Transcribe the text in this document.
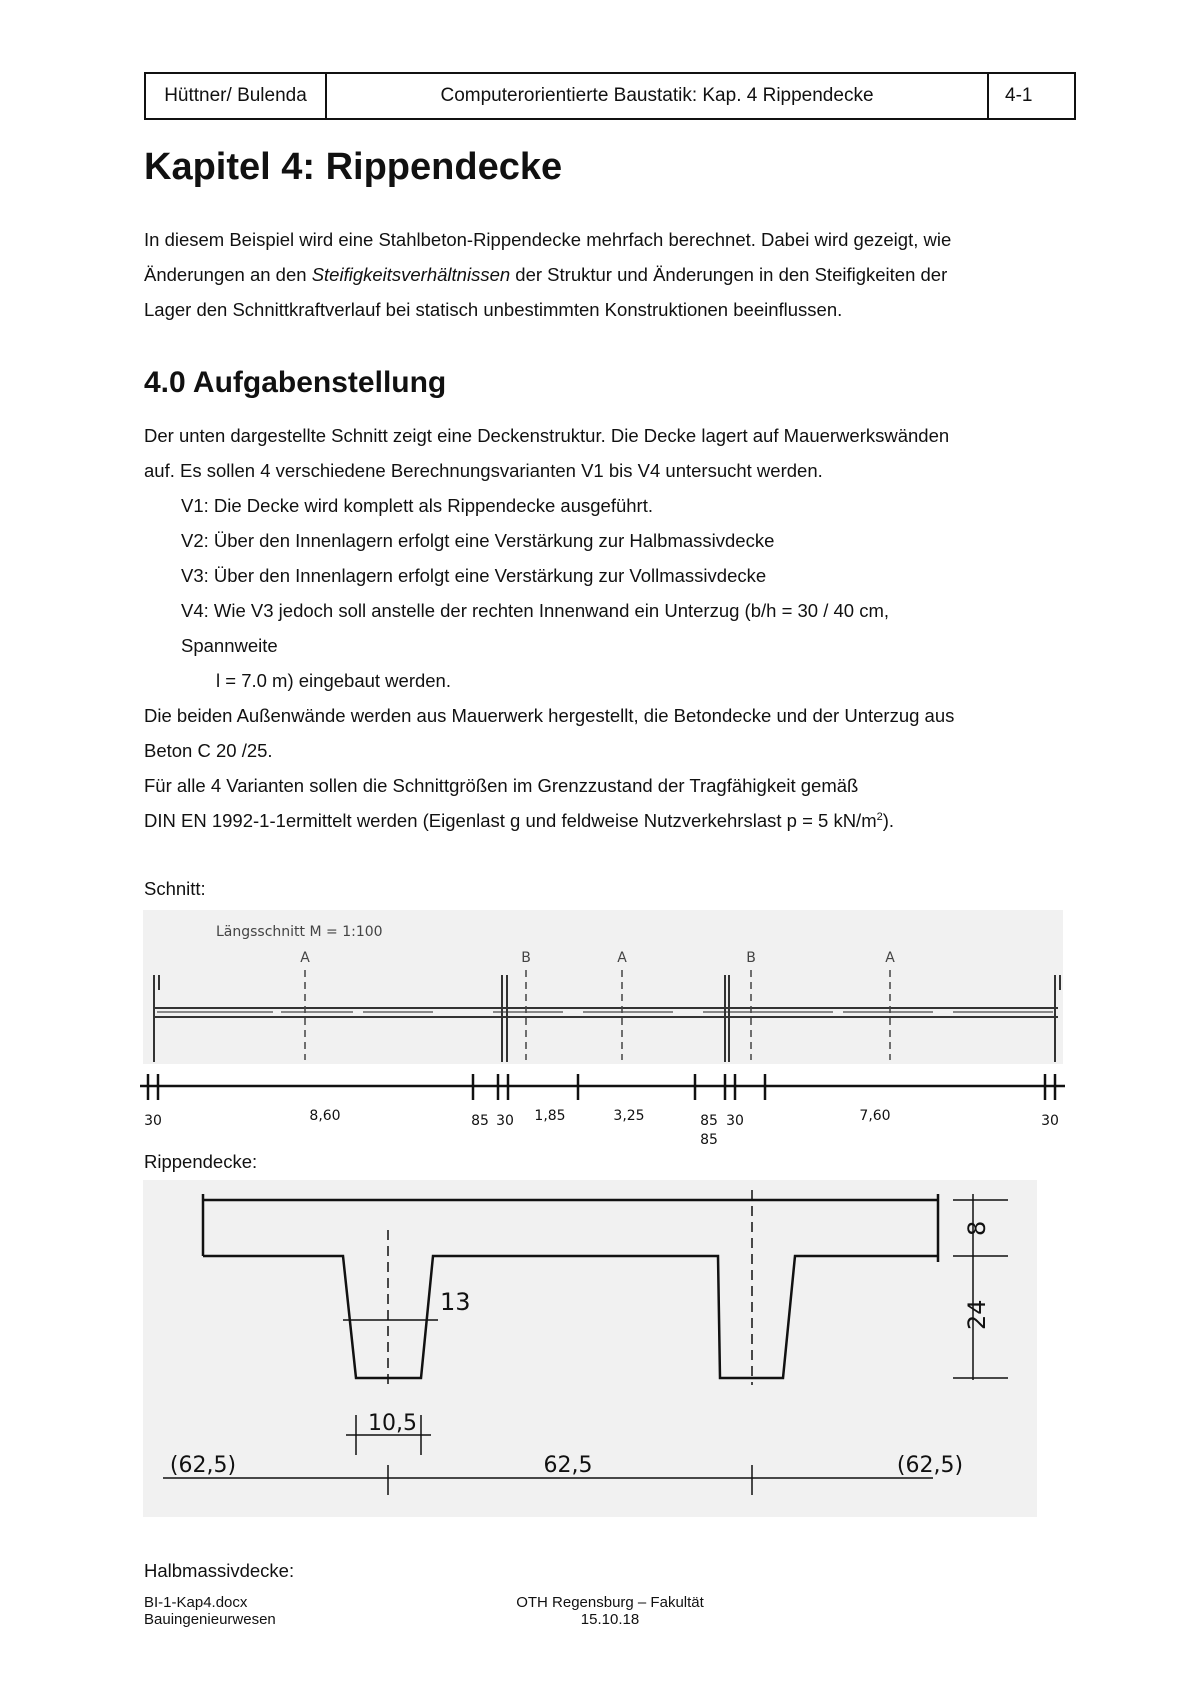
Hüttner/ Bulenda	Computerorientierte Baustatik: Kap. 4 Rippendecke	4-1
Kapitel 4: Rippendecke

In diesem Beispiel wird eine Stahlbeton-Rippendecke mehrfach berechnet. Dabei wird gezeigt, wie

Änderungen an den Steifigkeitsverhältnissen der Struktur und Änderungen in den Steifigkeiten der

Lager den Schnittkraftverlauf bei statisch unbestimmten Konstruktionen beeinflussen.

4.0 Aufgabenstellung

Der unten dargestellte Schnitt zeigt eine Deckenstruktur. Die Decke lagert auf Mauerwerkswänden

auf. Es sollen 4 verschiedene Berechnungsvarianten V1 bis V4 untersucht werden.

V1: Die Decke wird komplett als Rippendecke ausgeführt.

V2: Über den Innenlagern erfolgt eine Verstärkung zur Halbmassivdecke

V3: Über den Innenlagern erfolgt eine Verstärkung zur Vollmassivdecke

V4: Wie V3 jedoch soll anstelle der rechten Innenwand ein Unterzug (b/h = 30 / 40 cm,

Spannweite

l = 7.0 m) eingebaut werden.

Die beiden Außenwände werden aus Mauerwerk hergestellt, die Betondecke und der Unterzug aus

Beton C 20 /25.

Für alle 4 Varianten sollen die Schnittgrößen im Grenzzustand der Tragfähigkeit gemäß

DIN EN 1992-1-1ermittelt werden (Eigenlast g und feldweise Nutzverkehrslast p = 5 $kN/m^2$).

Schnitt:
Längsschnitt M = 1:100
A	B	A	B	A
30	8,60	85 30 1,85	3,25	85
85
30	7,60	30
Rippendecke:
13
10,5
8
24
(62,5)	62,5	(62,5)
Halbmassivdecke:
BI-1-Kap4.docx
Bauingenieurwesen
OTH Regensburg – Fakultät
15.10.18
